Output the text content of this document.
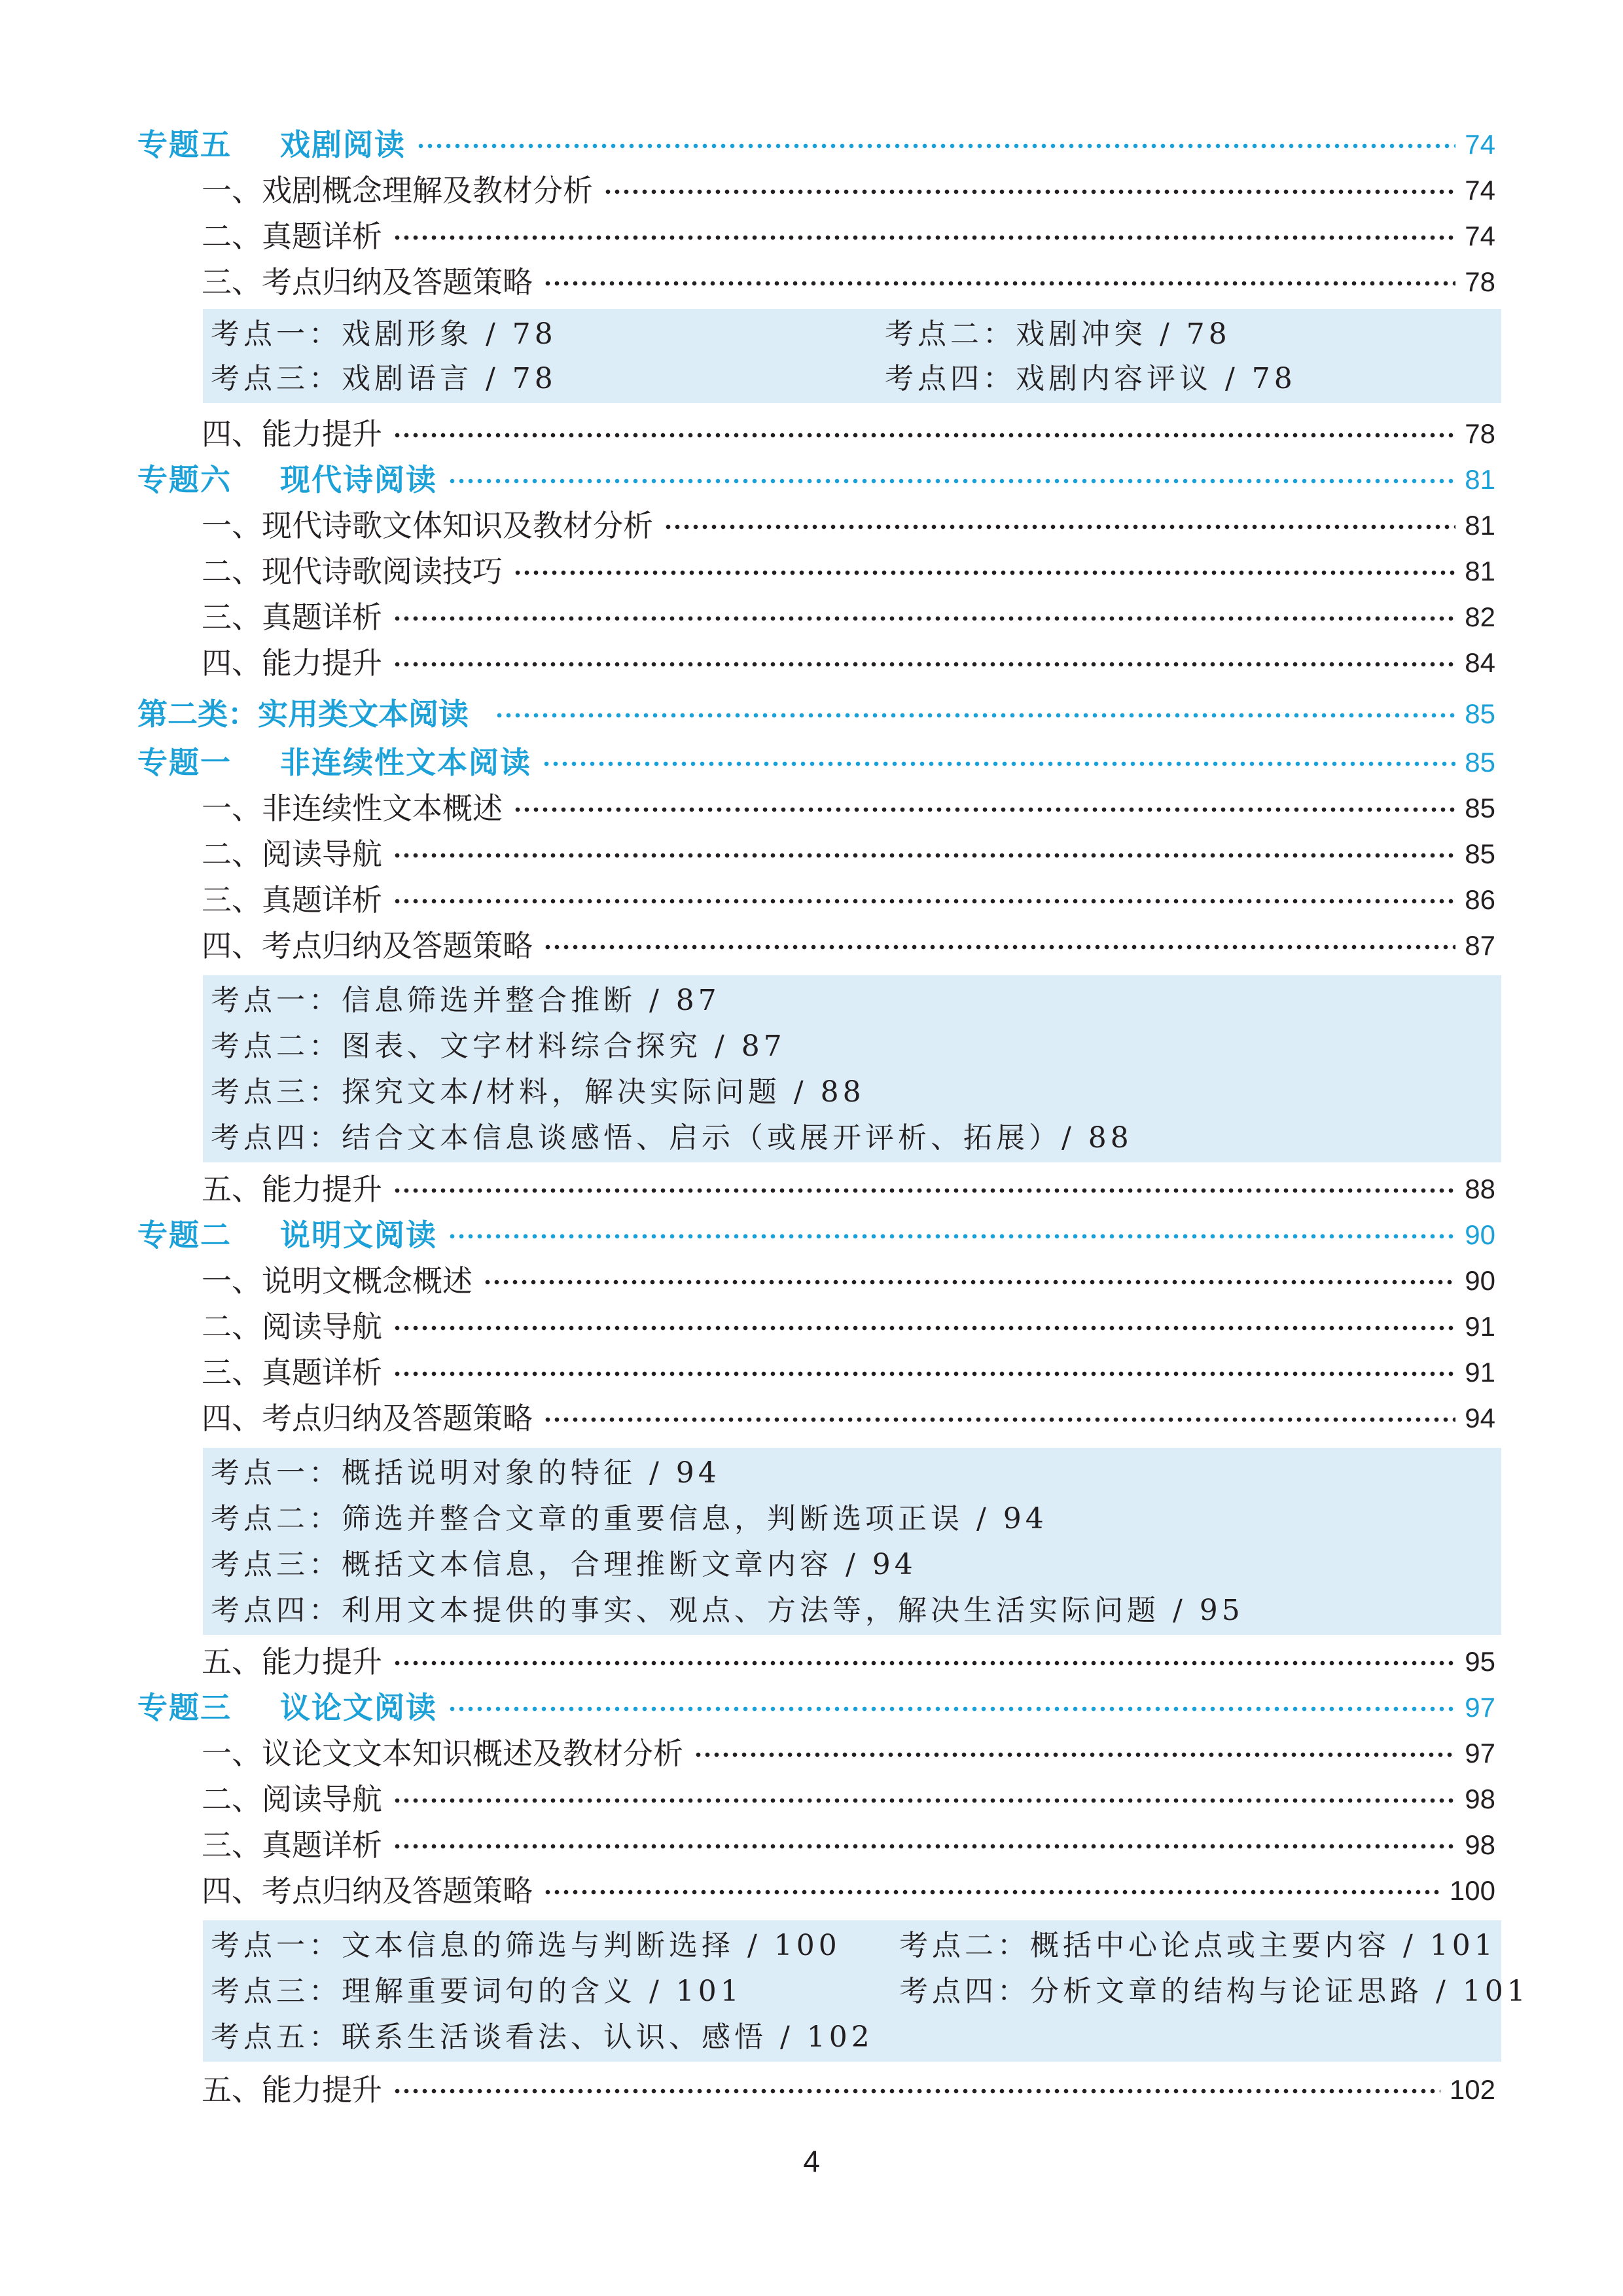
专题五 戏剧阅读	74
一、戏剧概念理解及教材分析	74
二、真题详析	74
三、考点归纳及答题策略	78
考点一：戏剧形象 / 78	考点二：戏剧冲突 / 78
考点三：戏剧语言 / 78	考点四：戏剧内容评议 / 78
四、能力提升	78
专题六 现代诗阅读	81
一、现代诗歌文体知识及教材分析	81
二、现代诗歌阅读技巧	81
三、真题详析	82
四、能力提升	84
第二类：实用类文本阅读	85
专题一 非连续性文本阅读	85
一、非连续性文本概述	85
二、阅读导航	85
三、真题详析	86
四、考点归纳及答题策略	87
考点一：信息筛选并整合推断 / 87
考点二：图表、文字材料综合探究 / 87
考点三：探究文本/材料，解决实际问题 / 88
考点四：结合文本信息谈感悟、启示（或展开评析、拓展）/ 88
五、能力提升	88
专题二 说明文阅读	90
一、说明文概念概述	90
二、阅读导航	91
三、真题详析	91
四、考点归纳及答题策略	94
考点一：概括说明对象的特征 / 94
考点二：筛选并整合文章的重要信息，判断选项正误 / 94
考点三：概括文本信息，合理推断文章内容 / 94
考点四：利用文本提供的事实、观点、方法等，解决生活实际问题 / 95
五、能力提升	95
专题三 议论文阅读	97
一、议论文文本知识概述及教材分析	97
二、阅读导航	98
三、真题详析	98
四、考点归纳及答题策略	100
考点一：文本信息的筛选与判断选择 / 100 考点二：概括中心论点或主要内容 / 101
考点三：理解重要词句的含义 / 101	考点四：分析文章的结构与论证思路 / 101
考点五：联系生活谈看法、认识、感悟 / 102
五、能力提升	102
4
